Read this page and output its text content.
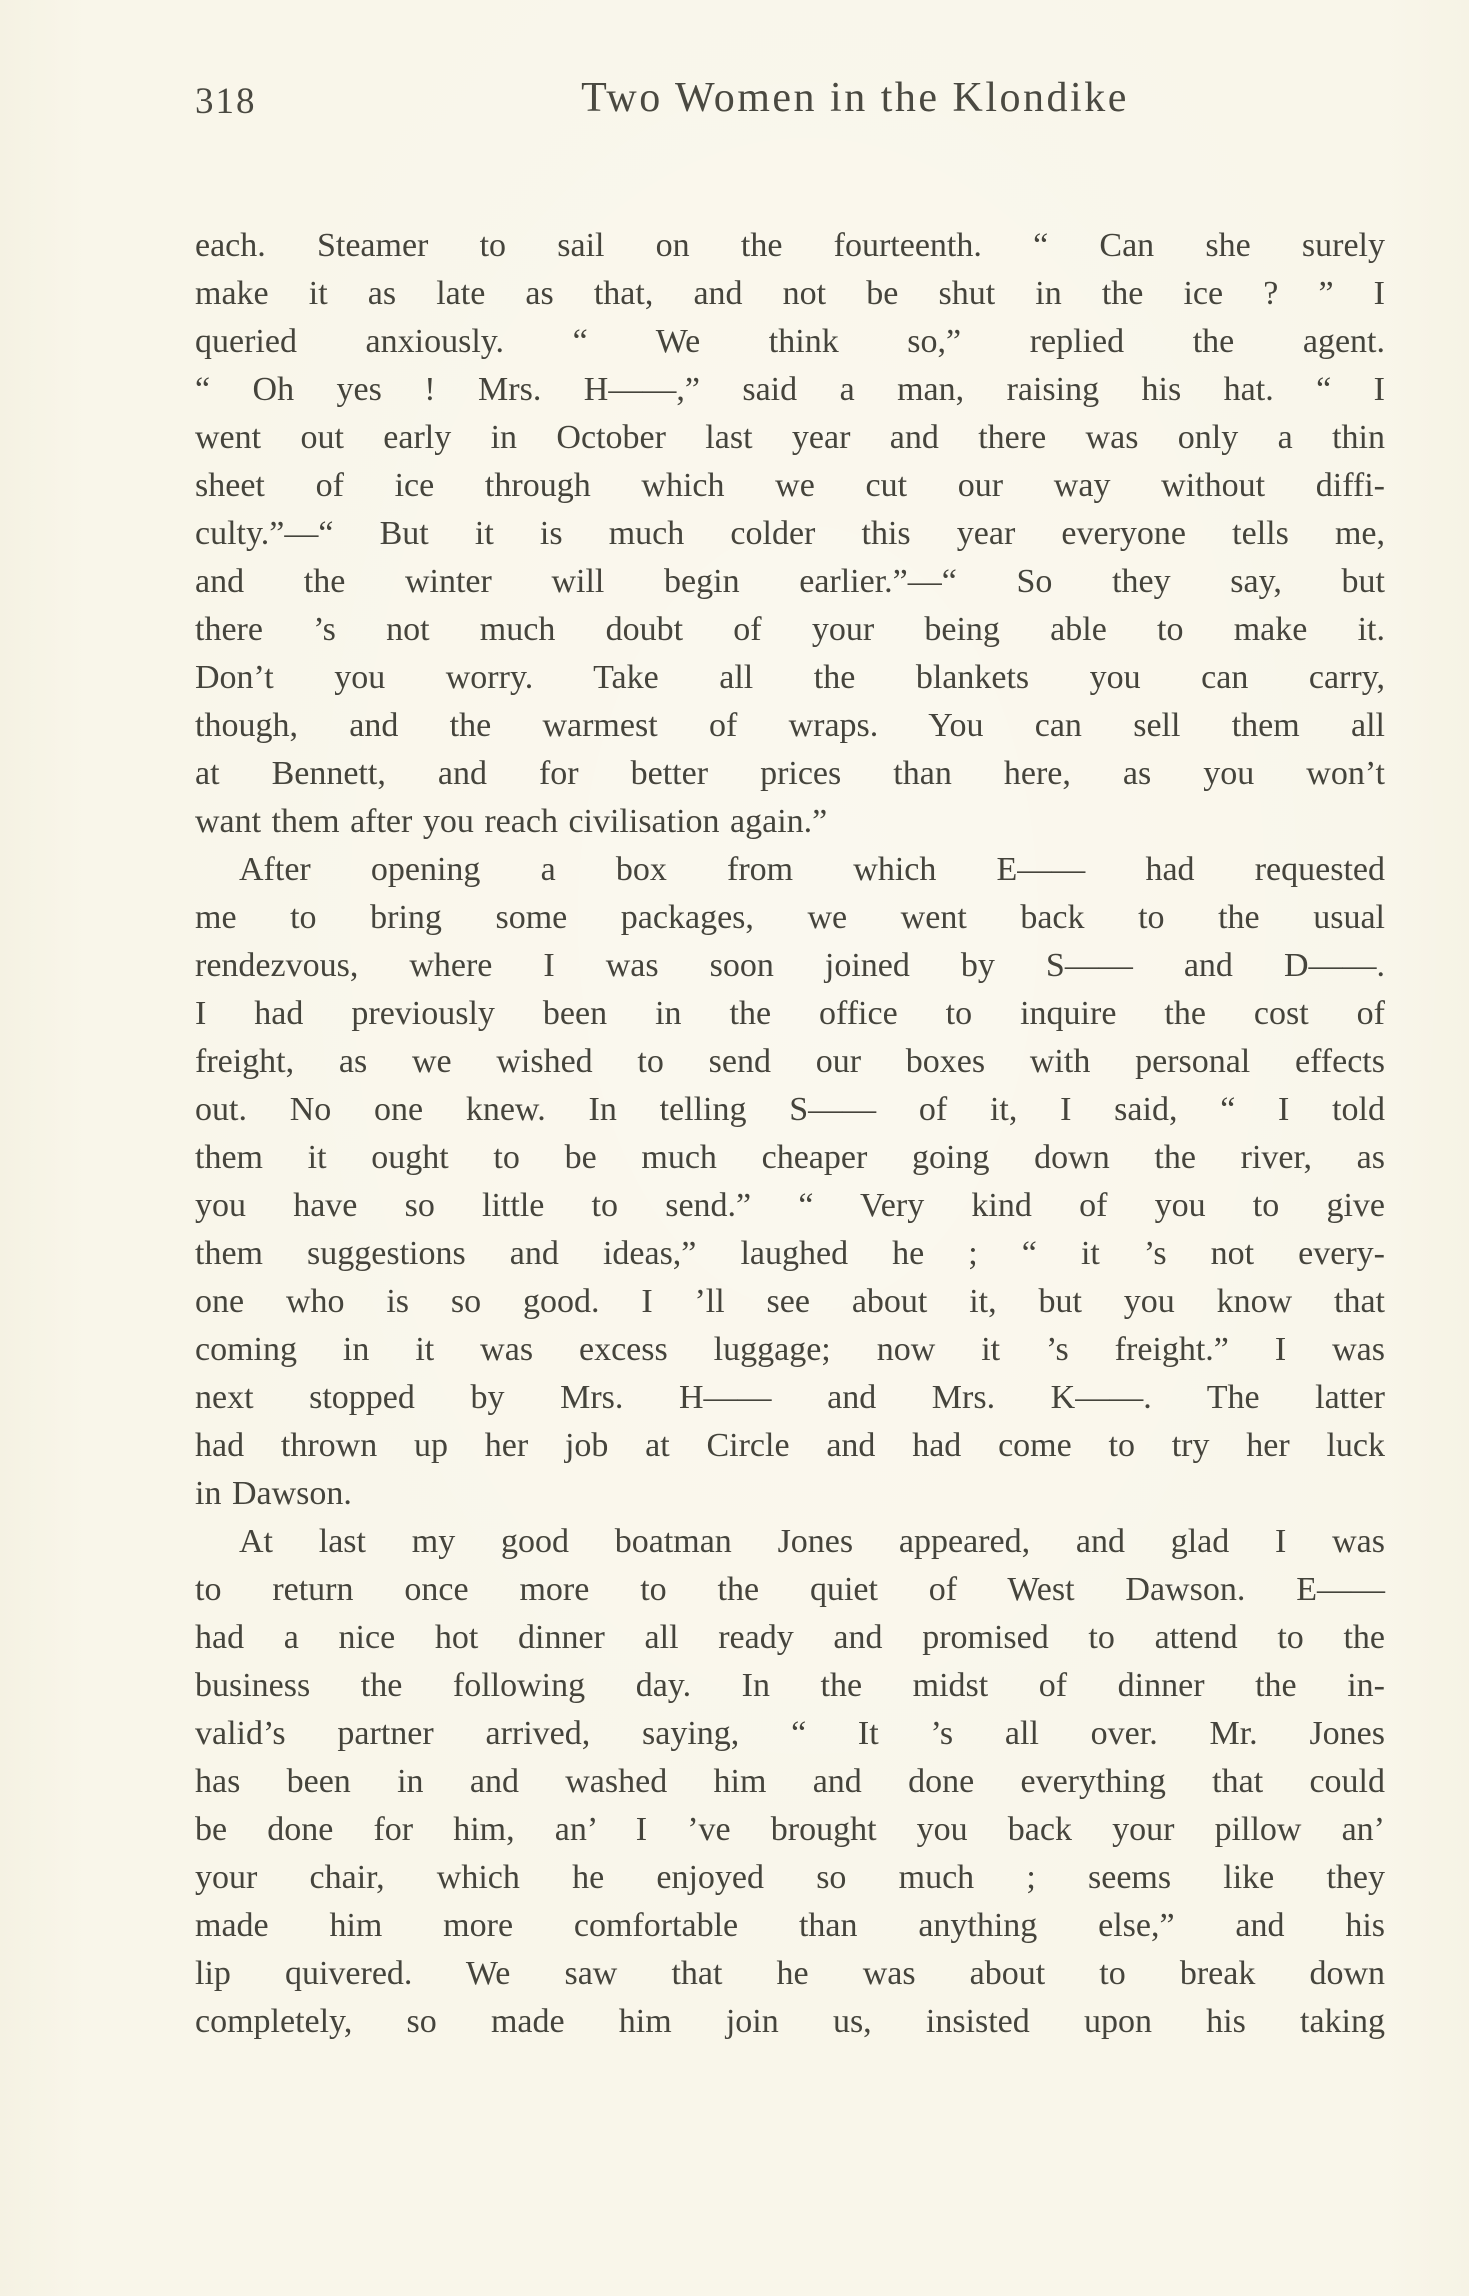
318	Two Women in the Klondike
each. Steamer to sail on the fourteenth. “ Can she surely
make it as late as that, and not be shut in the ice ? ” I
queried anxiously. “ We think so,” replied the agent.
“ Oh yes ! Mrs. H——,” said a man, raising his hat. “ I
went out early in October last year and there was only a thin
sheet of ice through which we cut our way without diffi-
culty.”—“ But it is much colder this year everyone tells me,
and the winter will begin earlier.”—“ So they say, but
there ’s not much doubt of your being able to make it.
Don’t you worry. Take all the blankets you can carry,
though, and the warmest of wraps. You can sell them all
at Bennett, and for better prices than here, as you won’t
want them after you reach civilisation again.”
After opening a box from which E—— had requested
me to bring some packages, we went back to the usual
rendezvous, where I was soon joined by S—— and D——.
I had previously been in the office to inquire the cost of
freight, as we wished to send our boxes with personal effects
out. No one knew. In telling S—— of it, I said, “ I told
them it ought to be much cheaper going down the river, as
you have so little to send.” “ Very kind of you to give
them suggestions and ideas,” laughed he ; “ it ’s not every-
one who is so good. I ’ll see about it, but you know that
coming in it was excess luggage; now it ’s freight.” I was
next stopped by Mrs. H—— and Mrs. K——. The latter
had thrown up her job at Circle and had come to try her luck
in Dawson.
At last my good boatman Jones appeared, and glad I was
to return once more to the quiet of West Dawson. E——
had a nice hot dinner all ready and promised to attend to the
business the following day. In the midst of dinner the in-
valid’s partner arrived, saying, “ It ’s all over. Mr. Jones
has been in and washed him and done everything that could
be done for him, an’ I ’ve brought you back your pillow an’
your chair, which he enjoyed so much ; seems like they
made him more comfortable than anything else,” and his
lip quivered. We saw that he was about to break down
completely, so made him join us, insisted upon his taking
